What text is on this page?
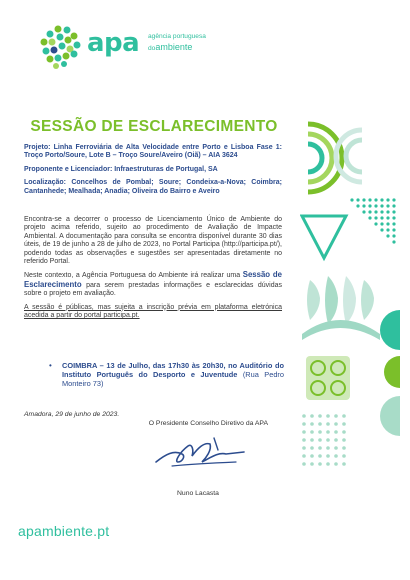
apa agência portuguesa
doambiente
SESSÃO DE ESCLARECIMENTO

Projeto: Linha Ferroviária de Alta Velocidade entre Porto e Lisboa Fase 1: Troço Porto/Soure, Lote B – Troço Soure/Aveiro (Oiã) – AIA 3624

Proponente e Licenciador: Infraestruturas de Portugal, SA

Localização: Concelhos de Pombal; Soure; Condeixa-a-Nova; Coimbra; Cantanhede; Mealhada; Anadia; Oliveira do Bairro e Aveiro

Encontra-se a decorrer o processo de Licenciamento Único de Ambiente do projeto acima referido, sujeito ao procedimento de Avaliação de Impacte Ambiental. A documentação para consulta se encontra disponível durante 30 dias úteis, de 19 de junho a 28 de julho de 2023, no Portal Participa (http://participa.pt/), podendo todas as observações e sugestões ser apresentadas diretamente no referido Portal.

Neste contexto, a Agência Portuguesa do Ambiente irá realizar uma Sessão de Esclarecimento para serem prestadas informações e esclarecidas dúvidas sobre o projeto em avaliação.

A sessão é públicas, mas sujeita a inscrição prévia em plataforma eletrónica acedida a partir do portal participa.pt.

• COIMBRA – 13 de Julho, das 17h30 às 20h30, no Auditório do Instituto Português do Desporto e Juventude (Rua Pedro Monteiro 73)
Amadora, 29 de junho de 2023.
O Presidente Conselho Diretivo da APA
Nuno Lacasta
apambiente.pt
